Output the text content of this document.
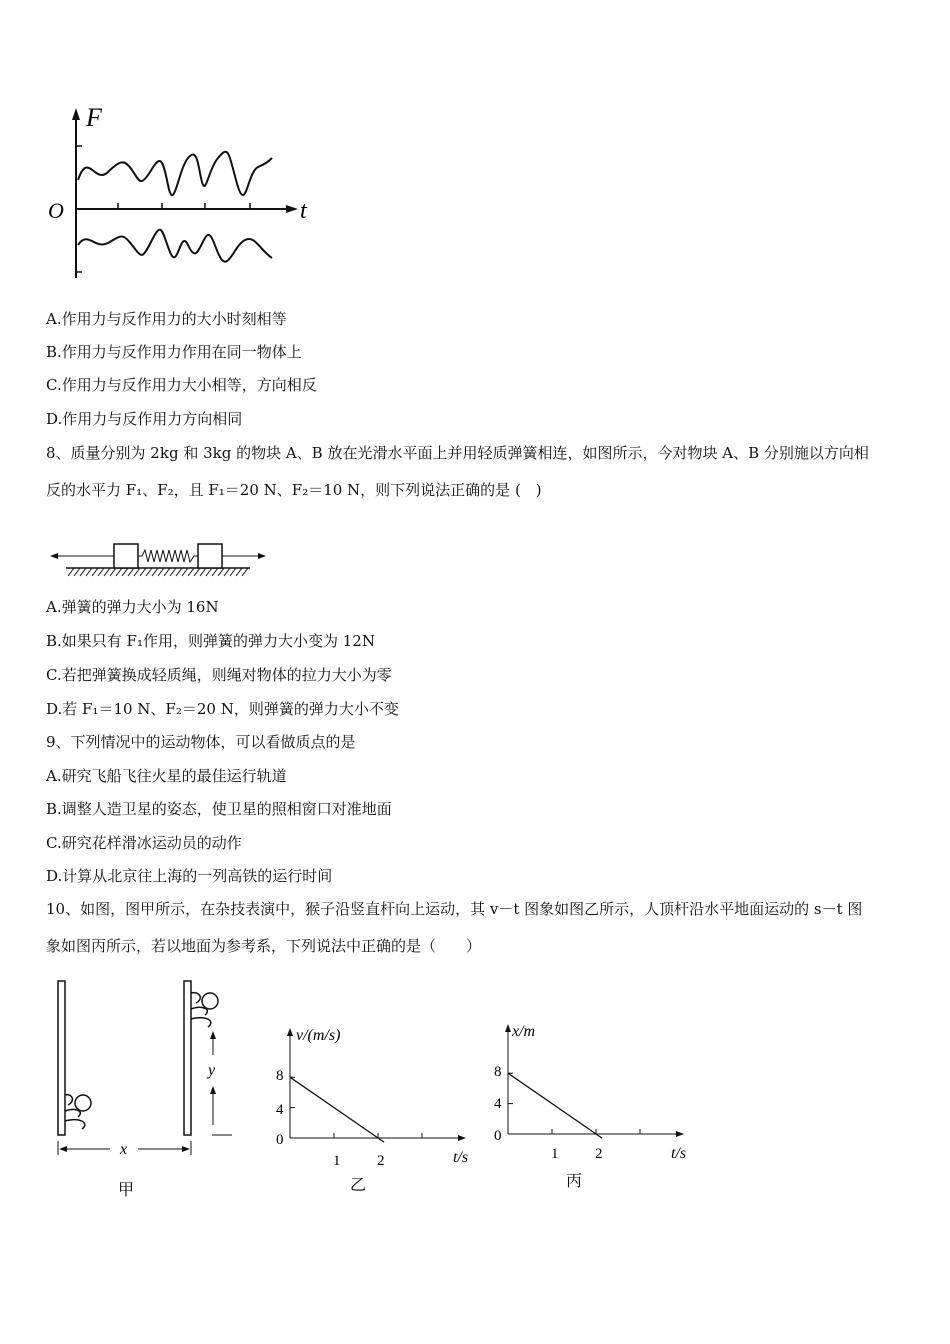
F
t
O
A.作用力与反作用力的大小时刻相等
B.作用力与反作用力作用在同一物体上
C.作用力与反作用力大小相等，方向相反
D.作用力与反作用力方向相同
8、质量分别为 2kg 和 3kg 的物块 A、B 放在光滑水平面上并用轻质弹簧相连，如图所示，今对物块 A、B 分别施以方向相
反的水平力 F₁、F₂，且 F₁＝20 N、F₂＝10 N，则下列说法正确的是 (　)
A.弹簧的弹力大小为 16N
B.如果只有 F₁作用，则弹簧的弹力大小变为 12N
C.若把弹簧换成轻质绳，则绳对物体的拉力大小为零
D.若 F₁＝10 N、F₂＝20 N，则弹簧的弹力大小不变
9、下列情况中的运动物体，可以看做质点的是
A.研究飞船飞往火星的最佳运行轨道
B.调整人造卫星的姿态，使卫星的照相窗口对准地面
C.研究花样滑冰运动员的动作
D.计算从北京往上海的一列高铁的运行时间
10、如图，图甲所示，在杂技表演中，猴子沿竖直杆向上运动，其 v－t 图象如图乙所示，人顶杆沿水平地面运动的 s－t 图
象如图丙所示，若以地面为参考系，下列说法中正确的是（　　）
y
x
甲
v/(m/s)
t/s
0
4
8
1 2
乙
x/m
t/s
0
4
8
1 2
丙
